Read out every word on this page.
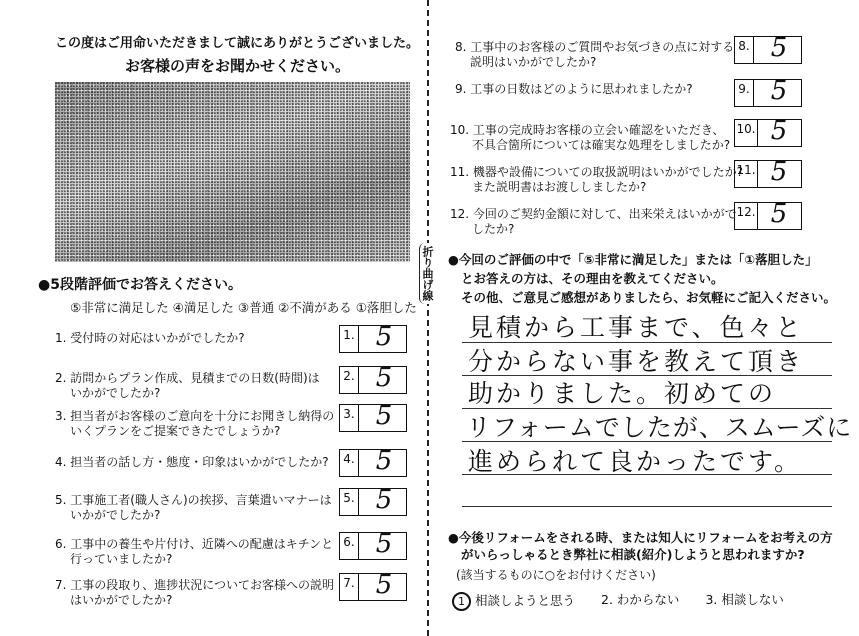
この度はご用命いただきまして誠にありがとうございました。
お客様の声をお聞かせください。
●5段階評価でお答えください。
⑤非常に満足した ④満足した ③普通 ②不満がある ①落胆した
折り曲げ線
1. 受付時の対応はいかがでしたか?	1. 5
2. 訪問からプラン作成、見積までの日数(時間)は
いかがでしたか?
2. 5
3. 担当者がお客様のご意向を十分にお聞きし納得の
いくプランをご提案できたでしょうか?
3. 5
4. 担当者の話し方・態度・印象はいかがでしたか? 4. 5
5. 工事施工者(職人さん)の挨拶、言葉遣いマナーは
いかがでしたか?
5. 5
6. 工事中の養生や片付け、近隣への配慮はキチンと
行っていましたか?
6. 5
7. 工事の段取り、進捗状況についてお客様への説明
はいかがでしたか?
7. 5
8. 工事中のお客様のご質問やお気づきの点に対する
説明はいかがでしたか?
8. 5
9. 工事の日数はどのように思われましたか?	9. 5
10. 工事の完成時お客様の立会い確認をいただき、
不具合箇所については確実な処理をしましたか?
10. 5
11. 機器や設備についての取扱説明はいかがでしたか?
また説明書はお渡ししましたか?
11. 5
12. 今回のご契約金額に対して、出来栄えはいかがで
したか?
12. 5
●今回のご評価の中で「⑤非常に満足した」または「①落胆した」
とお答えの方は、その理由を教えてください。
その他、ご意見ご感想がありましたら、お気軽にご記入ください。
見積から工事まで、色々と
分からない事を教えて頂き
助かりました。初めての
リフォームでしたが、スムーズに
進められて良かったです。
●今後リフォームをされる時、または知人にリフォームをお考えの方
がいらっしゃるとき弊社に相談(紹介)しようと思われますか?
(該当するものに○をお付けください)
1 相談しようと思う 2. わからない 3. 相談しない
